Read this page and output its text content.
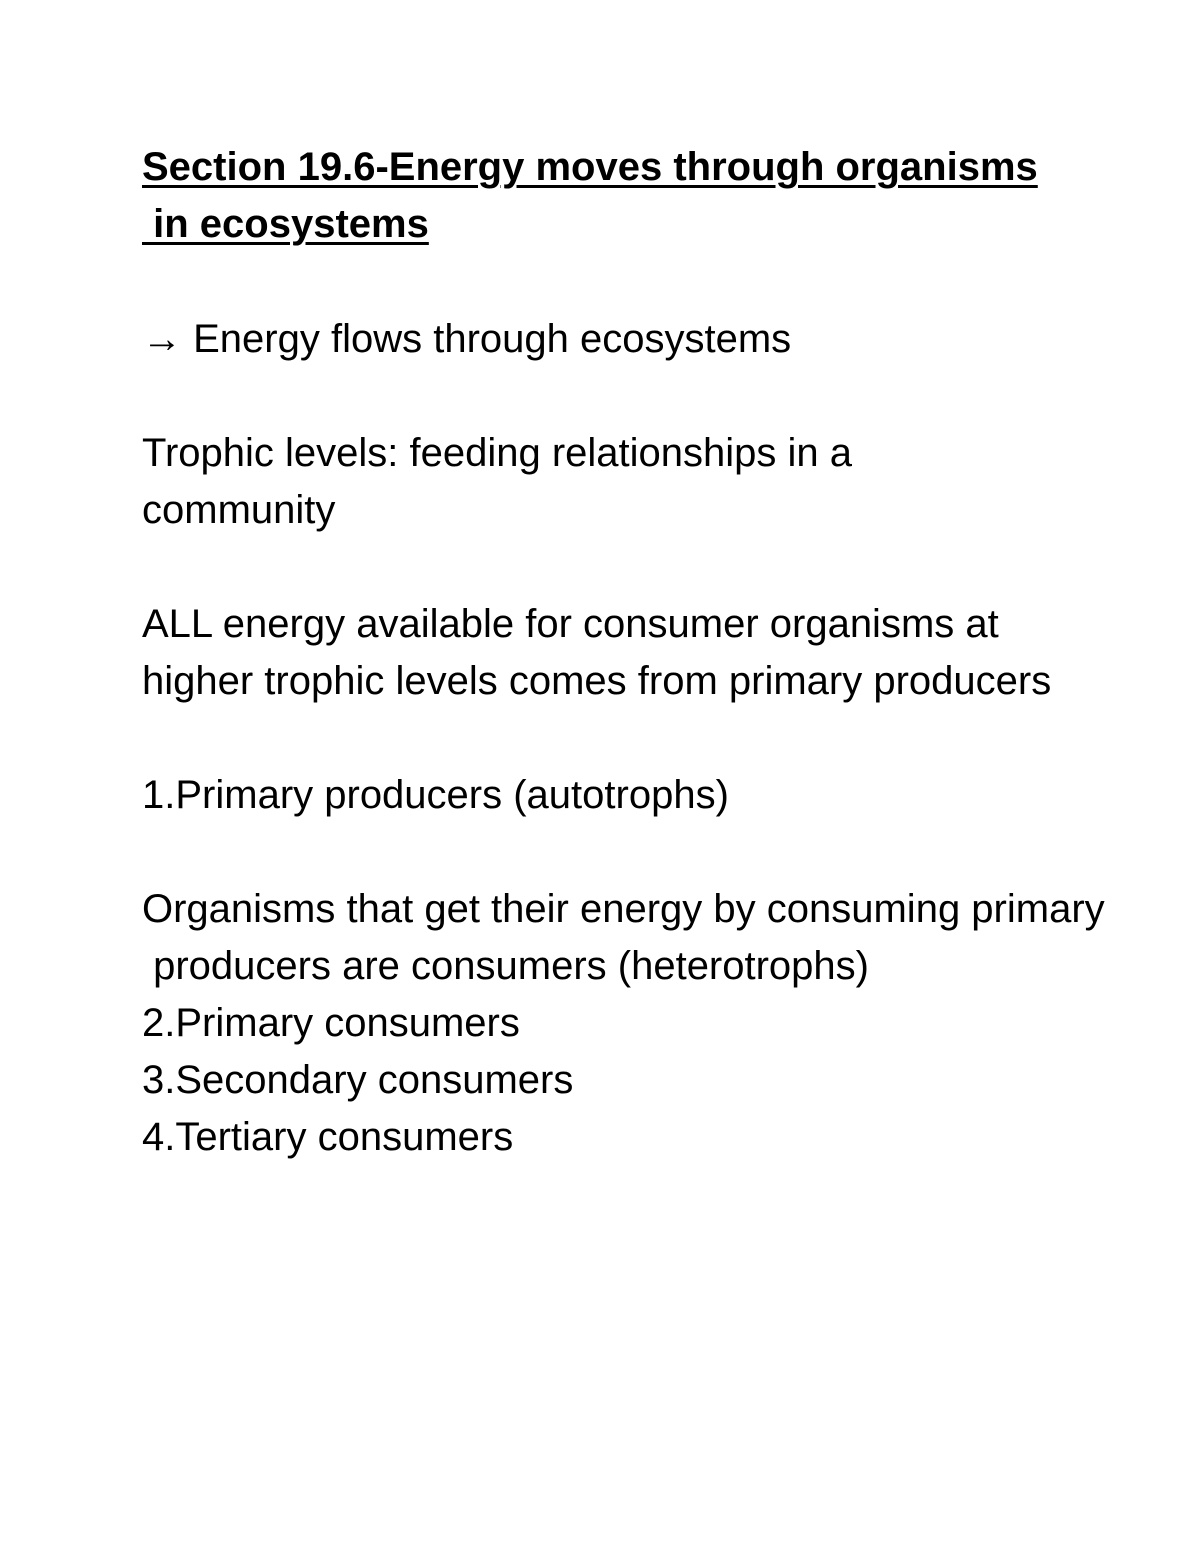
Section 19.6-Energy moves through organisms

in ecosystems

→ Energy flows through ecosystems

Trophic levels: feeding relationships in a

community

ALL energy available for consumer organisms at

higher trophic levels comes from primary producers

1.Primary producers (autotrophs)

Organisms that get their energy by consuming primary

producers are consumers (heterotrophs)

2.Primary consumers

3.Secondary consumers

4.Tertiary consumers
